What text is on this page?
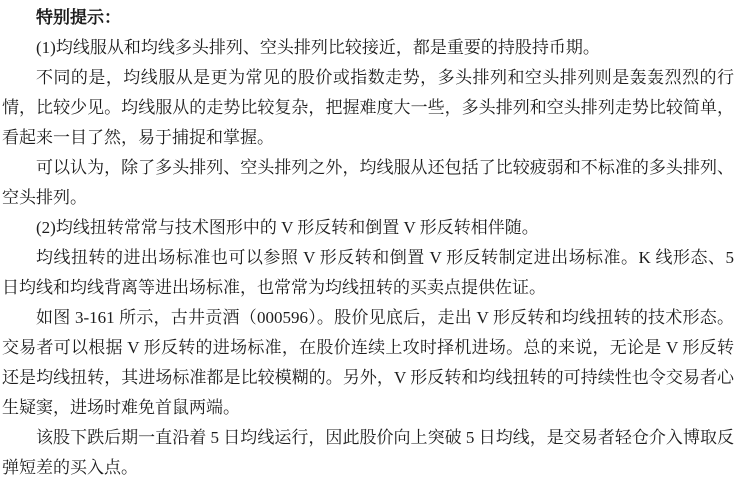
特别提示：

(1)均线服从和均线多头排列、空头排列比较接近，都是重要的持股持币期。

不同的是，均线服从是更为常见的股价或指数走势，多头排列和空头排列则是轰轰烈烈的行情，比较少见。均线服从的走势比较复杂，把握难度大一些，多头排列和空头排列走势比较简单，看起来一目了然，易于捕捉和掌握。

可以认为，除了多头排列、空头排列之外，均线服从还包括了比较疲弱和不标准的多头排列、空头排列。

(2)均线扭转常常与技术图形中的 V 形反转和倒置 V 形反转相伴随。

均线扭转的进出场标准也可以参照 V 形反转和倒置 V 形反转制定进出场标准。K 线形态、5 日均线和均线背离等进出场标准，也常常为均线扭转的买卖点提供佐证。

如图 3-161 所示，古井贡酒（000596）。股价见底后，走出 V 形反转和均线扭转的技术形态。交易者可以根据 V 形反转的进场标准，在股价连续上攻时择机进场。总的来说，无论是 V 形反转还是均线扭转，其进场标准都是比较模糊的。另外，V 形反转和均线扭转的可持续性也令交易者心生疑窦，进场时难免首鼠两端。

该股下跌后期一直沿着 5 日均线运行，因此股价向上突破 5 日均线，是交易者轻仓介入博取反弹短差的买入点。
